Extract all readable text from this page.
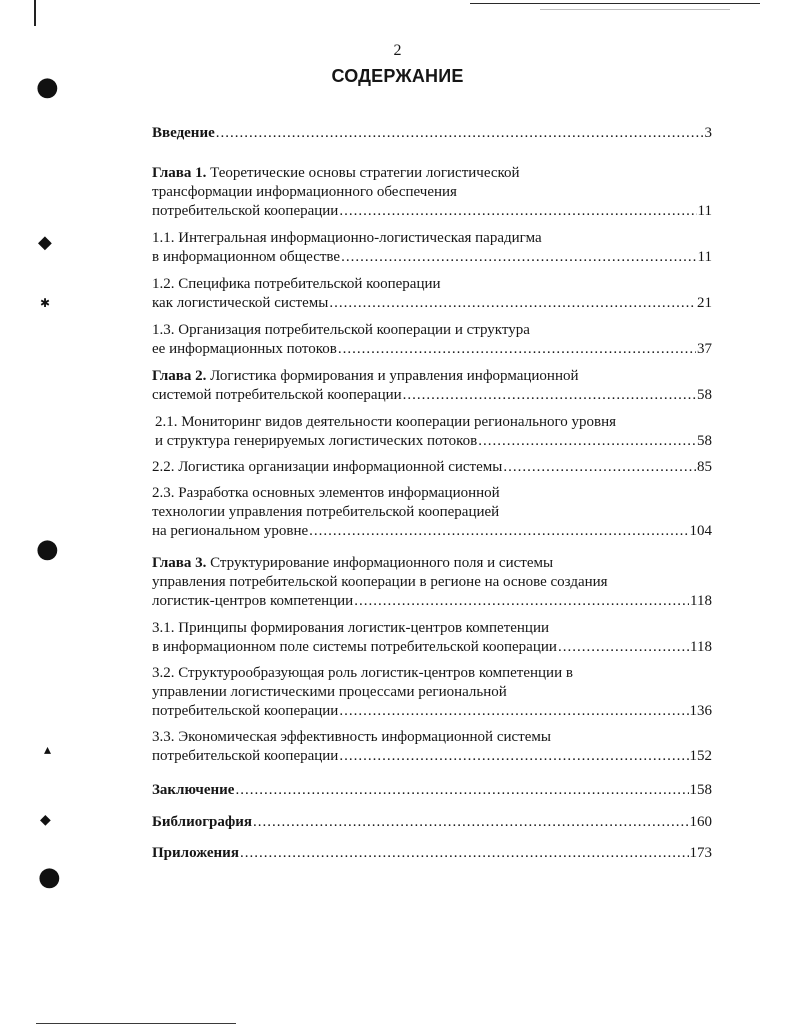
●
◆
✱
●
▴
◆
●
2
СОДЕРЖАНИЕ
Введение .....	3
Глава 1.
Теоретические основы стратегии логистической
трансформации информационного обеспечения
потребительской кооперации .....	11
1.1. Интегральная информационно-логистическая парадигма
в информационном обществе .....	11
1.2. Специфика потребительской кооперации
как логистической системы .....	21
1.3. Организация потребительской кооперации и структура
ее информационных потоков .....	37
Глава 2.
Логистика формирования и управления информационной
системой потребительской кооперации .....	58
2.1. Мониторинг видов деятельности кооперации регионального уровня
и структура генерируемых логистических потоков .....	58
2.2. Логистика организации информационной системы .....	85
2.3. Разработка основных элементов информационной
технологии управления потребительской кооперацией
на региональном уровне .....	104
Глава 3.
Структурирование информационного поля и системы
управления потребительской кооперации в регионе на основе создания
логистик-центров компетенции .....	118
3.1. Принципы формирования логистик-центров компетенции
в информационном поле системы потребительской кооперации .....	118
3.2. Структурообразующая роль логистик-центров компетенции в
управлении логистическими процессами региональной
потребительской кооперации .....	136
3.3. Экономическая эффективность информационной системы
потребительской кооперации .....	152
Заключение .....	158
Библиография .....	160
Приложения .....	173
